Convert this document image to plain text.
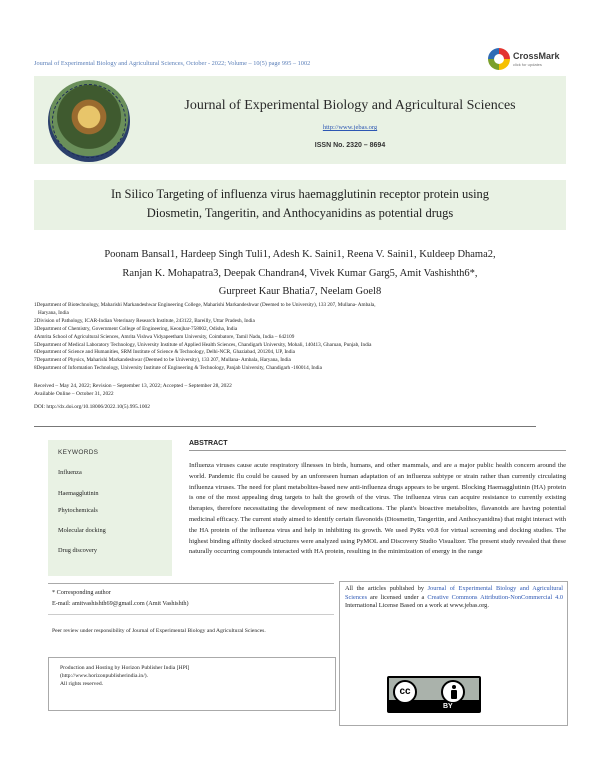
Journal of Experimental Biology and Agricultural Sciences, October - 2022; Volume – 10(5) page 995 – 1002
CrossMark
click for updates
Journal of Experimental Biology and Agricultural Sciences
http://www.jebas.org
ISSN No. 2320 – 8694
In Silico Targeting of influenza virus haemagglutinin receptor protein using
Diosmetin, Tangeritin, and Anthocyanidins as potential drugs
Poonam Bansal1, Hardeep Singh Tuli1, Adesh K. Saini1, Reena V. Saini1, Kuldeep Dhama2,
Ranjan K. Mohapatra3, Deepak Chandran4, Vivek Kumar Garg5, Amit Vashishth6*,
Gurpreet Kaur Bhatia7, Neelam Goel8
1Department of Biotechnology, Maharishi Markandeshwar Engineering College, Maharishi Markandeshwar (Deemed to be University), 133 207, Mullana- Ambala,
Haryana, India
2Division of Pathology, ICAR-Indian Veterinary Research Institute, 243122, Bareilly, Uttar Pradesh, India
3Department of Chemistry, Government College of Engineering, Keonjhar-758002, Odisha, India
4Amrita School of Agricultural Sciences, Amrita Vishwa Vidyapeetham University, Coimbatore, Tamil Nadu, India – 642109
5Department of Medical Laboratory Technology, University Institute of Applied Health Sciences, Chandigarh University, Mohali, 140413, Gharuan, Punjab, India
6Department of Science and Humanities, SRM Institute of Science & Technology, Delhi-NCR, Ghaziabad, 201204, UP, India
7Department of Physics, Maharishi Markandeshwar (Deemed to be University), 133 207, Mullana- Ambala, Haryana, India
8Department of Information Technology, University Institute of Engineering & Technology, Panjab University, Chandigarh -160014, India
Received – May 24, 2022; Revision – September 13, 2022; Accepted – September 28, 2022
Available Online – October 31, 2022
DOI: http://dx.doi.org/10.18006/2022.10(5).995.1002
KEYWORDS
Influenza
Haemagglutinin
Phytochemicals
Molecular docking
Drug discovery
ABSTRACT
Influenza viruses cause acute respiratory illnesses in birds, humans, and other mammals, and are a major public health concern around the world. Pandemic flu could be caused by an unforeseen human adaptation of an influenza subtype or strain rather than currently circulating influenza viruses. The need for plant metabolites-based new anti-influenza drugs appears to be urgent. Blocking Haemagglutinin (HA) protein is one of the most appealing drug targets to halt the growth of the virus. The influenza virus can acquire resistance to currently existing therapies, therefore necessitating the development of new medications. The plant's bioactive metabolites, flavanoids are having potential medicinal efficacy. The current study aimed to identify certain flavonoids (Diosmetin, Tangeritin, and Anthocyanidins) that might interact with the HA protein of the influenza virus and help in inhibiting its growth. We used PyRx v0.8 for virtual screening and docking studies. The highest binding affinity docked structures were analyzed using PyMOL and Discovery Studio Visualizer. The present study revealed that these naturally occurring compounds interacted with HA protein, resulting in the minimization of energy in the range
* Corresponding author
E-mail: amitvashishth69@gmail.com (Amit Vashishth)
Peer review under responsibility of Journal of Experimental Biology and Agricultural Sciences.
Production and Hosting by Horizon Publisher India [HPI]
(http://www.horizonpublisherindia.in/).
All rights reserved.
All the articles published by Journal of Experimental Biology and Agricultural Sciences are licensed under a Creative Commons Attribution-NonCommercial 4.0 International License Based on a work at www.jebas.org.
cc
BY
